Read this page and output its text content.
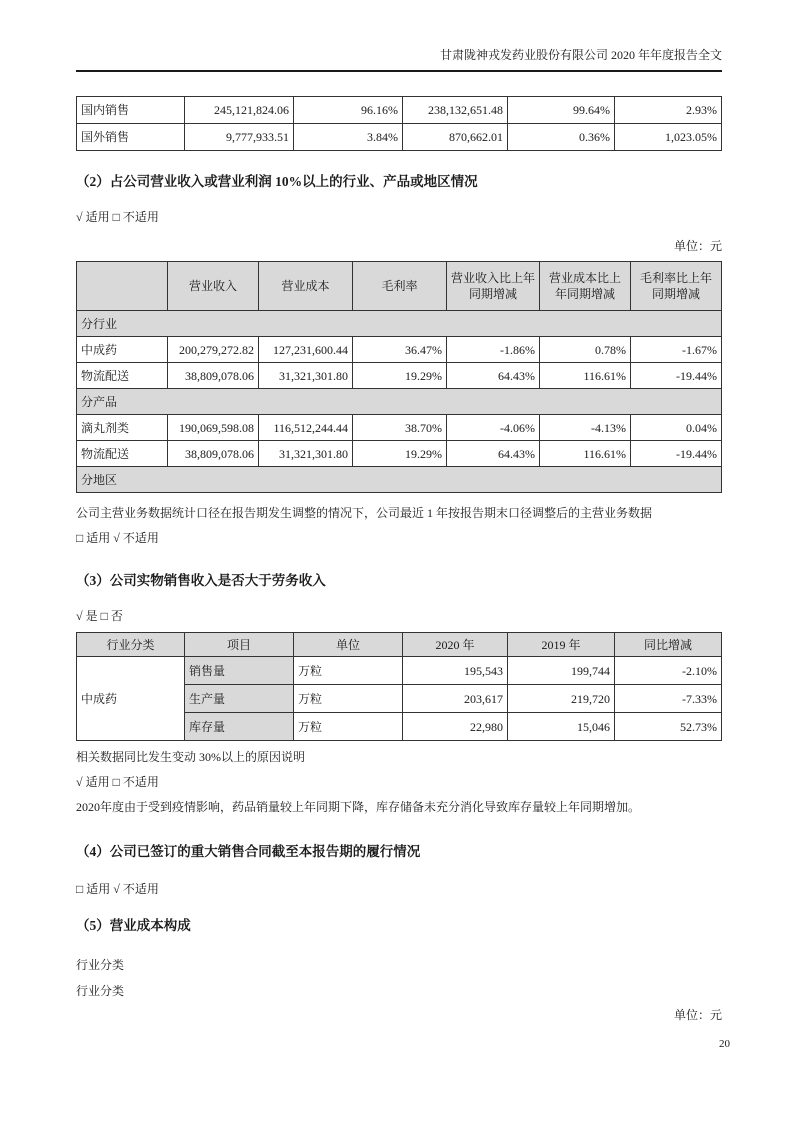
甘肃陇神戎发药业股份有限公司 2020 年年度报告全文
国内销售	245,121,824.06	96.16%	238,132,651.48	99.64%	2.93%
国外销售	9,777,933.51	3.84%	870,662.01	0.36%	1,023.05%
（2）占公司营业收入或营业利润 10%以上的行业、产品或地区情况
√ 适用 □ 不适用
单位：元
	营业收入	营业成本	毛利率	营业收入比上年同期增减	营业成本比上年同期增减	毛利率比上年同期增减
分行业						
中成药	200,279,272.82	127,231,600.44	36.47%	-1.86%	0.78%	-1.67%
物流配送	38,809,078.06	31,321,301.80	19.29%	64.43%	116.61%	-19.44%
分产品						
滴丸剂类	190,069,598.08	116,512,244.44	38.70%	-4.06%	-4.13%	0.04%
物流配送	38,809,078.06	31,321,301.80	19.29%	64.43%	116.61%	-19.44%
分地区						
公司主营业务数据统计口径在报告期发生调整的情况下，公司最近 1 年按报告期末口径调整后的主营业务数据
□ 适用 √ 不适用
（3）公司实物销售收入是否大于劳务收入
√ 是 □ 否
行业分类	项目	单位	2020 年	2019 年	同比增减
中成药	销售量	万粒	195,543	199,744	-2.10%
	生产量	万粒	203,617	219,720	-7.33%
	库存量	万粒	22,980	15,046	52.73%
相关数据同比发生变动 30%以上的原因说明
√ 适用 □ 不适用
2020年度由于受到疫情影响，药品销量较上年同期下降，库存储备未充分消化导致库存量较上年同期增加。
（4）公司已签订的重大销售合同截至本报告期的履行情况
□ 适用 √ 不适用
（5）营业成本构成
行业分类
行业分类
单位：元
20
